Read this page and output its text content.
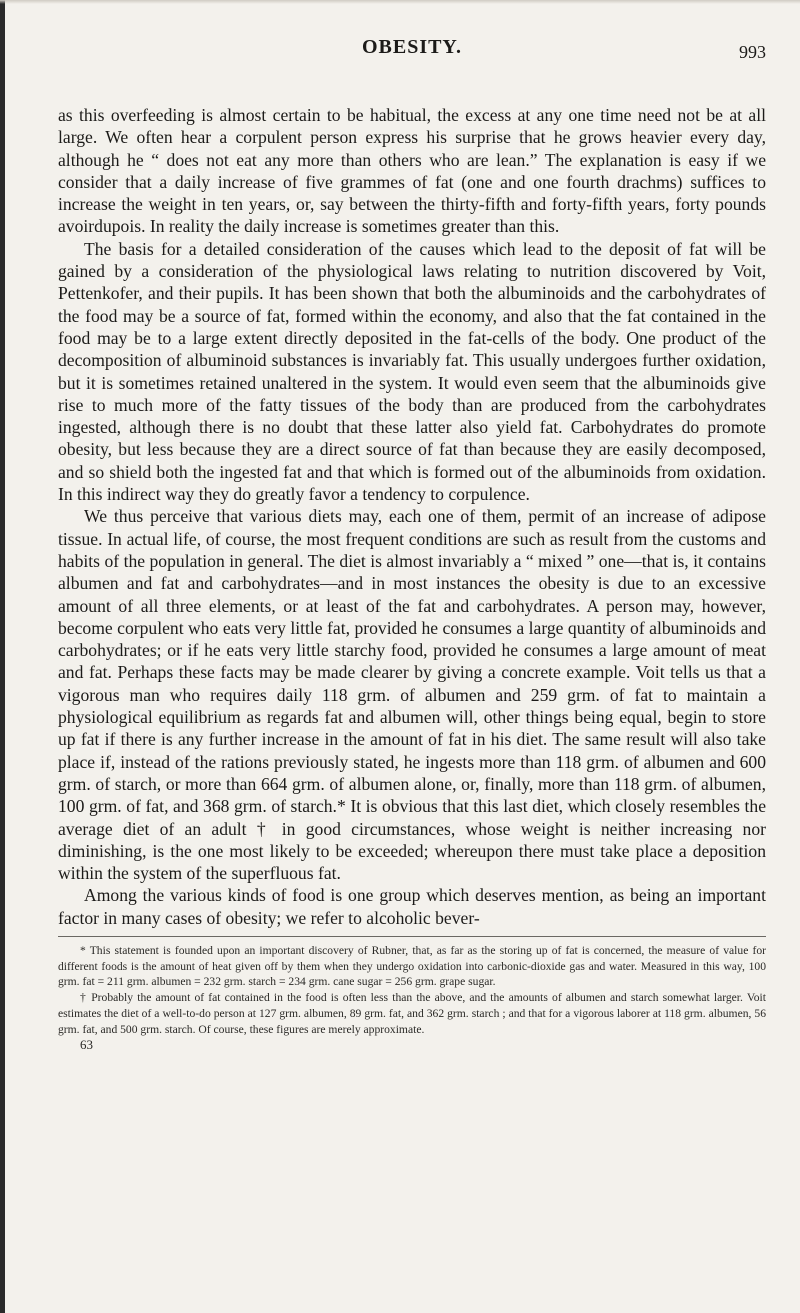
OBESITY.	993

as this overfeeding is almost certain to be habitual, the excess at any one time need not be at all large. We often hear a corpulent person express his surprise that he grows heavier every day, although he “ does not eat any more than others who are lean.” The explanation is easy if we consider that a daily increase of five grammes of fat (one and one fourth drachms) suffices to increase the weight in ten years, or, say between the thirty-fifth and forty-fifth years, forty pounds avoirdupois. In reality the daily increase is sometimes greater than this.

The basis for a detailed consideration of the causes which lead to the deposit of fat will be gained by a consideration of the physiological laws relating to nutrition discovered by Voit, Pettenkofer, and their pupils. It has been shown that both the albuminoids and the carbohydrates of the food may be a source of fat, formed within the economy, and also that the fat contained in the food may be to a large extent directly deposited in the fat-cells of the body. One product of the decomposition of albuminoid substances is invariably fat. This usually undergoes further oxidation, but it is sometimes retained unaltered in the system. It would even seem that the albuminoids give rise to much more of the fatty tissues of the body than are produced from the carbohydrates ingested, although there is no doubt that these latter also yield fat. Carbohydrates do promote obesity, but less because they are a direct source of fat than because they are easily decomposed, and so shield both the ingested fat and that which is formed out of the albuminoids from oxidation. In this indirect way they do greatly favor a tendency to corpulence.

We thus perceive that various diets may, each one of them, permit of an increase of adipose tissue. In actual life, of course, the most frequent conditions are such as result from the customs and habits of the population in general. The diet is almost invariably a “ mixed ” one—that is, it contains albumen and fat and carbohydrates—and in most instances the obesity is due to an excessive amount of all three elements, or at least of the fat and carbohydrates. A person may, however, become corpulent who eats very little fat, provided he consumes a large quantity of albuminoids and carbohydrates; or if he eats very little starchy food, provided he consumes a large amount of meat and fat. Perhaps these facts may be made clearer by giving a concrete example. Voit tells us that a vigorous man who requires daily 118 grm. of albumen and 259 grm. of fat to maintain a physiological equilibrium as regards fat and albumen will, other things being equal, begin to store up fat if there is any further increase in the amount of fat in his diet. The same result will also take place if, instead of the rations previously stated, he ingests more than 118 grm. of albumen and 600 grm. of starch, or more than 664 grm. of albumen alone, or, finally, more than 118 grm. of albumen, 100 grm. of fat, and 368 grm. of starch.* It is obvious that this last diet, which closely resembles the average diet of an adult † in good circumstances, whose weight is neither increasing nor diminishing, is the one most likely to be exceeded; whereupon there must take place a deposition within the system of the superfluous fat.

Among the various kinds of food is one group which deserves mention, as being an important factor in many cases of obesity; we refer to alcoholic bever-

* This statement is founded upon an important discovery of Rubner, that, as far as the storing up of fat is concerned, the measure of value for different foods is the amount of heat given off by them when they undergo oxidation into carbonic-dioxide gas and water. Measured in this way, 100 grm. fat = 211 grm. albumen = 232 grm. starch = 234 grm. cane sugar = 256 grm. grape sugar.

† Probably the amount of fat contained in the food is often less than the above, and the amounts of albumen and starch somewhat larger. Voit estimates the diet of a well-to-do person at 127 grm. albumen, 89 grm. fat, and 362 grm. starch ; and that for a vigorous laborer at 118 grm. albumen, 56 grm. fat, and 500 grm. starch. Of course, these figures are merely approximate.

63
